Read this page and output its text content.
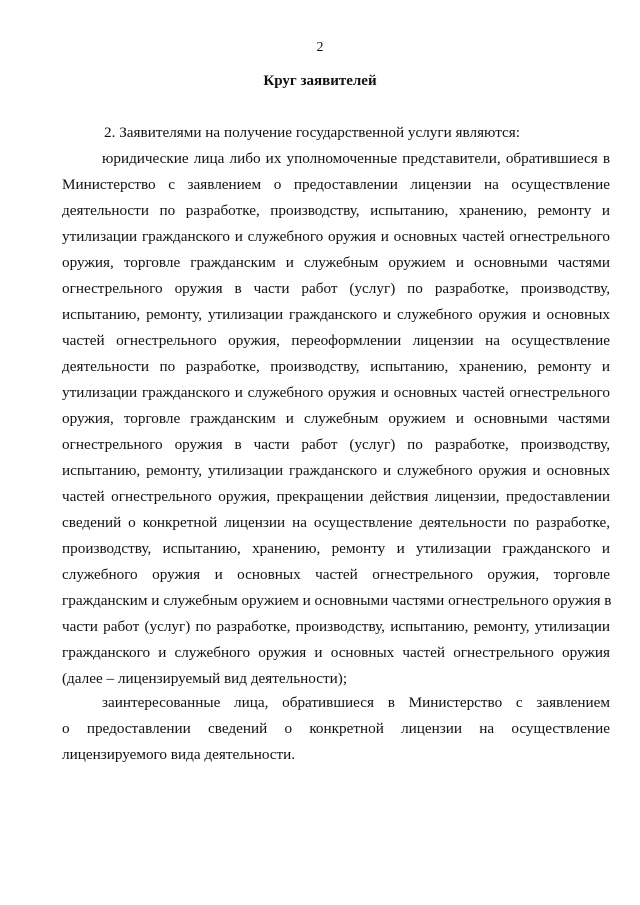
2
Круг заявителей
2. Заявителями на получение государственной услуги являются:
юридические лица либо их уполномоченные представители, обратившиеся в
Министерство с заявлением о предоставлении лицензии на осуществление
деятельности по разработке, производству, испытанию, хранению, ремонту и
утилизации гражданского и служебного оружия и основных частей огнестрельного
оружия, торговле гражданским и служебным оружием и основными частями
огнестрельного оружия в части работ (услуг) по разработке, производству,
испытанию, ремонту, утилизации гражданского и служебного оружия и основных
частей огнестрельного оружия, переоформлении лицензии на осуществление
деятельности по разработке, производству, испытанию, хранению, ремонту и
утилизации гражданского и служебного оружия и основных частей огнестрельного
оружия, торговле гражданским и служебным оружием и основными частями
огнестрельного оружия в части работ (услуг) по разработке, производству,
испытанию, ремонту, утилизации гражданского и служебного оружия и основных
частей огнестрельного оружия, прекращении действия лицензии, предоставлении
сведений о конкретной лицензии на осуществление деятельности по разработке,
производству, испытанию, хранению, ремонту и утилизации гражданского и
служебного оружия и основных частей огнестрельного оружия, торговле
гражданским и служебным оружием и основными частями огнестрельного оружия в
части работ (услуг) по разработке, производству, испытанию, ремонту, утилизации
гражданского и служебного оружия и основных частей огнестрельного оружия
(далее – лицензируемый вид деятельности);
заинтересованные лица, обратившиеся в Министерство с заявлением
о предоставлении сведений о конкретной лицензии на осуществление
лицензируемого вида деятельности.
